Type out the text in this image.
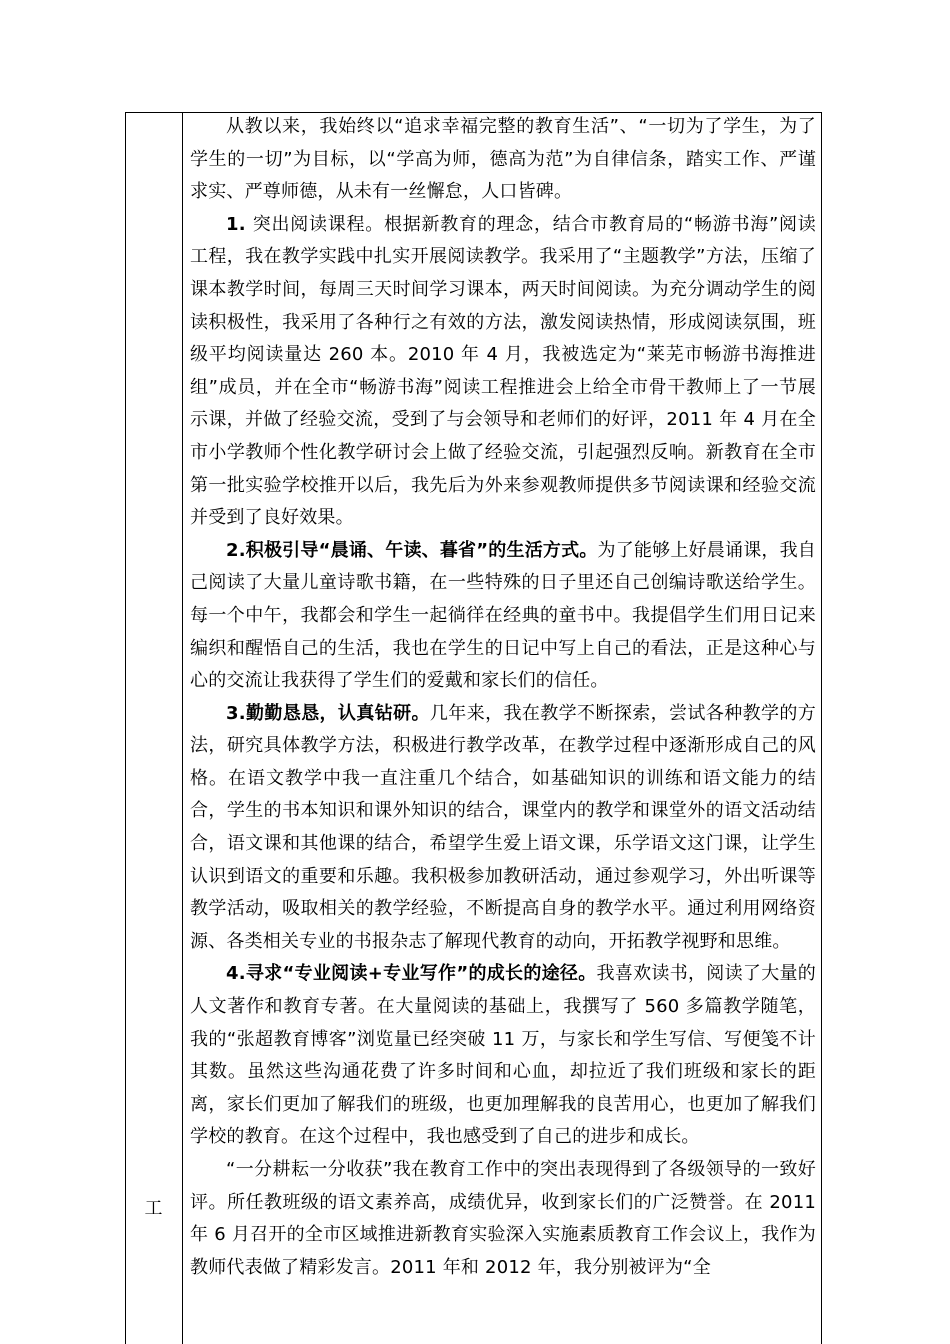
工

从教以来，我始终以“追求幸福完整的教育生活”、“一切为了学生，为了学生的一切”为目标，以“学高为师，德高为范”为自律信条，踏实工作、严谨求实、严尊师德，从未有一丝懈怠，人口皆碑。

1. 突出阅读课程。根据新教育的理念，结合市教育局的“畅游书海”阅读工程，我在教学实践中扎实开展阅读教学。我采用了“主题教学”方法，压缩了课本教学时间，每周三天时间学习课本，两天时间阅读。为充分调动学生的阅读积极性，我采用了各种行之有效的方法，激发阅读热情，形成阅读氛围，班级平均阅读量达 260 本。2010 年 4 月，我被选定为“莱芜市畅游书海推进组”成员，并在全市“畅游书海”阅读工程推进会上给全市骨干教师上了一节展示课，并做了经验交流，受到了与会领导和老师们的好评，2011 年 4 月在全市小学教师个性化教学研讨会上做了经验交流，引起强烈反响。新教育在全市第一批实验学校推开以后，我先后为外来参观教师提供多节阅读课和经验交流并受到了良好效果。

2.积极引导“晨诵、午读、暮省”的生活方式。为了能够上好晨诵课，我自己阅读了大量儿童诗歌书籍，在一些特殊的日子里还自己创编诗歌送给学生。每一个中午，我都会和学生一起徜徉在经典的童书中。我提倡学生们用日记来编织和醒悟自己的生活，我也在学生的日记中写上自己的看法，正是这种心与心的交流让我获得了学生们的爱戴和家长们的信任。

3.勤勤恳恳，认真钻研。几年来，我在教学不断探索，尝试各种教学的方法，研究具体教学方法，积极进行教学改革，在教学过程中逐渐形成自己的风格。在语文教学中我一直注重几个结合，如基础知识的训练和语文能力的结合，学生的书本知识和课外知识的结合，课堂内的教学和课堂外的语文活动结合，语文课和其他课的结合，希望学生爱上语文课，乐学语文这门课，让学生认识到语文的重要和乐趣。我积极参加教研活动，通过参观学习，外出听课等教学活动，吸取相关的教学经验，不断提高自身的教学水平。通过利用网络资源、各类相关专业的书报杂志了解现代教育的动向，开拓教学视野和思维。

4.寻求“专业阅读+专业写作”的成长的途径。我喜欢读书，阅读了大量的人文著作和教育专著。在大量阅读的基础上，我撰写了 560 多篇教学随笔，我的“张超教育博客”浏览量已经突破 11 万，与家长和学生写信、写便笺不计其数。虽然这些沟通花费了许多时间和心血，却拉近了我们班级和家长的距离，家长们更加了解我们的班级，也更加理解我的良苦用心，也更加了解我们学校的教育。在这个过程中，我也感受到了自己的进步和成长。

“一分耕耘一分收获”我在教育工作中的突出表现得到了各级领导的一致好评。所任教班级的语文素养高，成绩优异，收到家长们的广泛赞誉。在 2011 年 6 月召开的全市区域推进新教育实验深入实施素质教育工作会议上，我作为教师代表做了精彩发言。2011 年和 2012 年，我分别被评为“全
